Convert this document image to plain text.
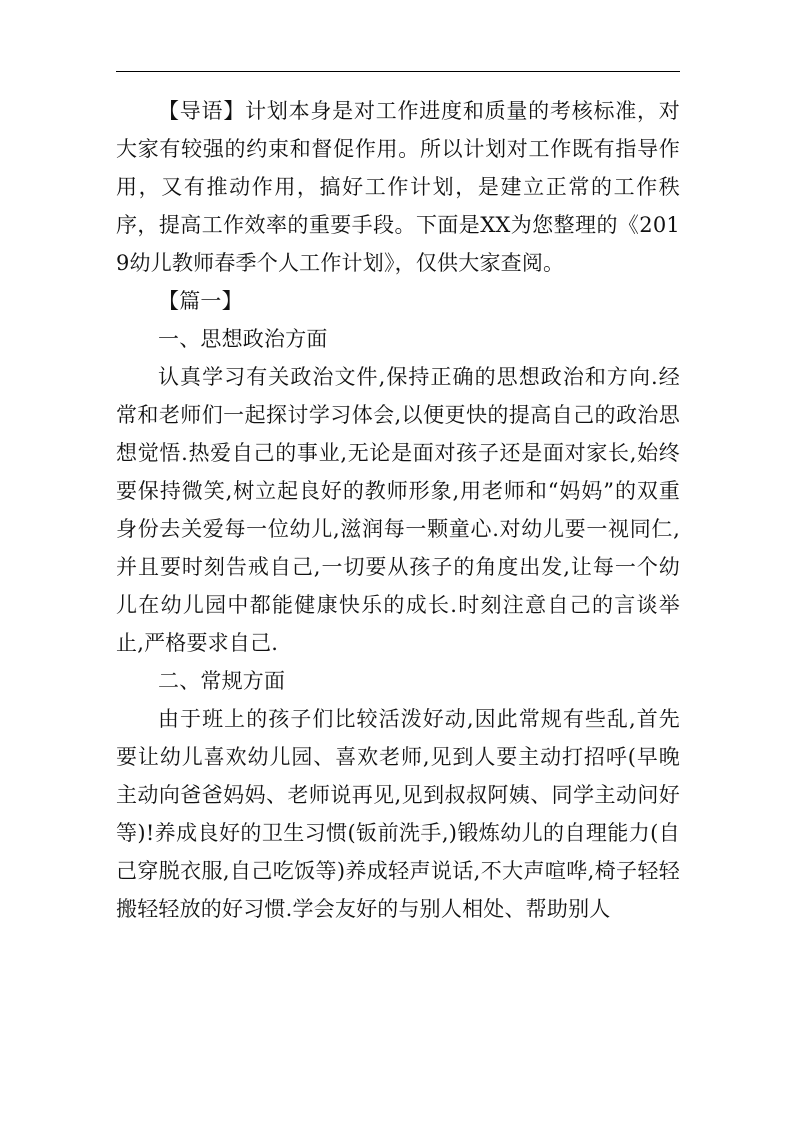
【导语】计划本身是对工作进度和质量的考核标准，对大家有较强的约束和督促作用。所以计划对工作既有指导作用，又有推动作用，搞好工作计划，是建立正常的工作秩序，提高工作效率的重要手段。下面是XX为您整理的《2019幼儿教师春季个人工作计划》，仅供大家查阅。

【篇一】

一、思想政治方面

认真学习有关政治文件,保持正确的思想政治和方向.经常和老师们一起探讨学习体会,以便更快的提高自己的政治思想觉悟.热爱自己的事业,无论是面对孩子还是面对家长,始终要保持微笑,树立起良好的教师形象,用老师和“妈妈”的双重身份去关爱每一位幼儿,滋润每一颗童心.对幼儿要一视同仁,并且要时刻告戒自己,一切要从孩子的角度出发,让每一个幼儿在幼儿园中都能健康快乐的成长.时刻注意自己的言谈举止,严格要求自己.

二、常规方面

由于班上的孩子们比较活泼好动,因此常规有些乱,首先要让幼儿喜欢幼儿园、喜欢老师,见到人要主动打招呼(早晚主动向爸爸妈妈、老师说再见,见到叔叔阿姨、同学主动问好等)!养成良好的卫生习惯(钣前洗手,)锻炼幼儿的自理能力(自己穿脱衣服,自己吃饭等)养成轻声说话,不大声喧哗,椅子轻轻搬轻轻放的好习惯.学会友好的与别人相处、帮助别人
